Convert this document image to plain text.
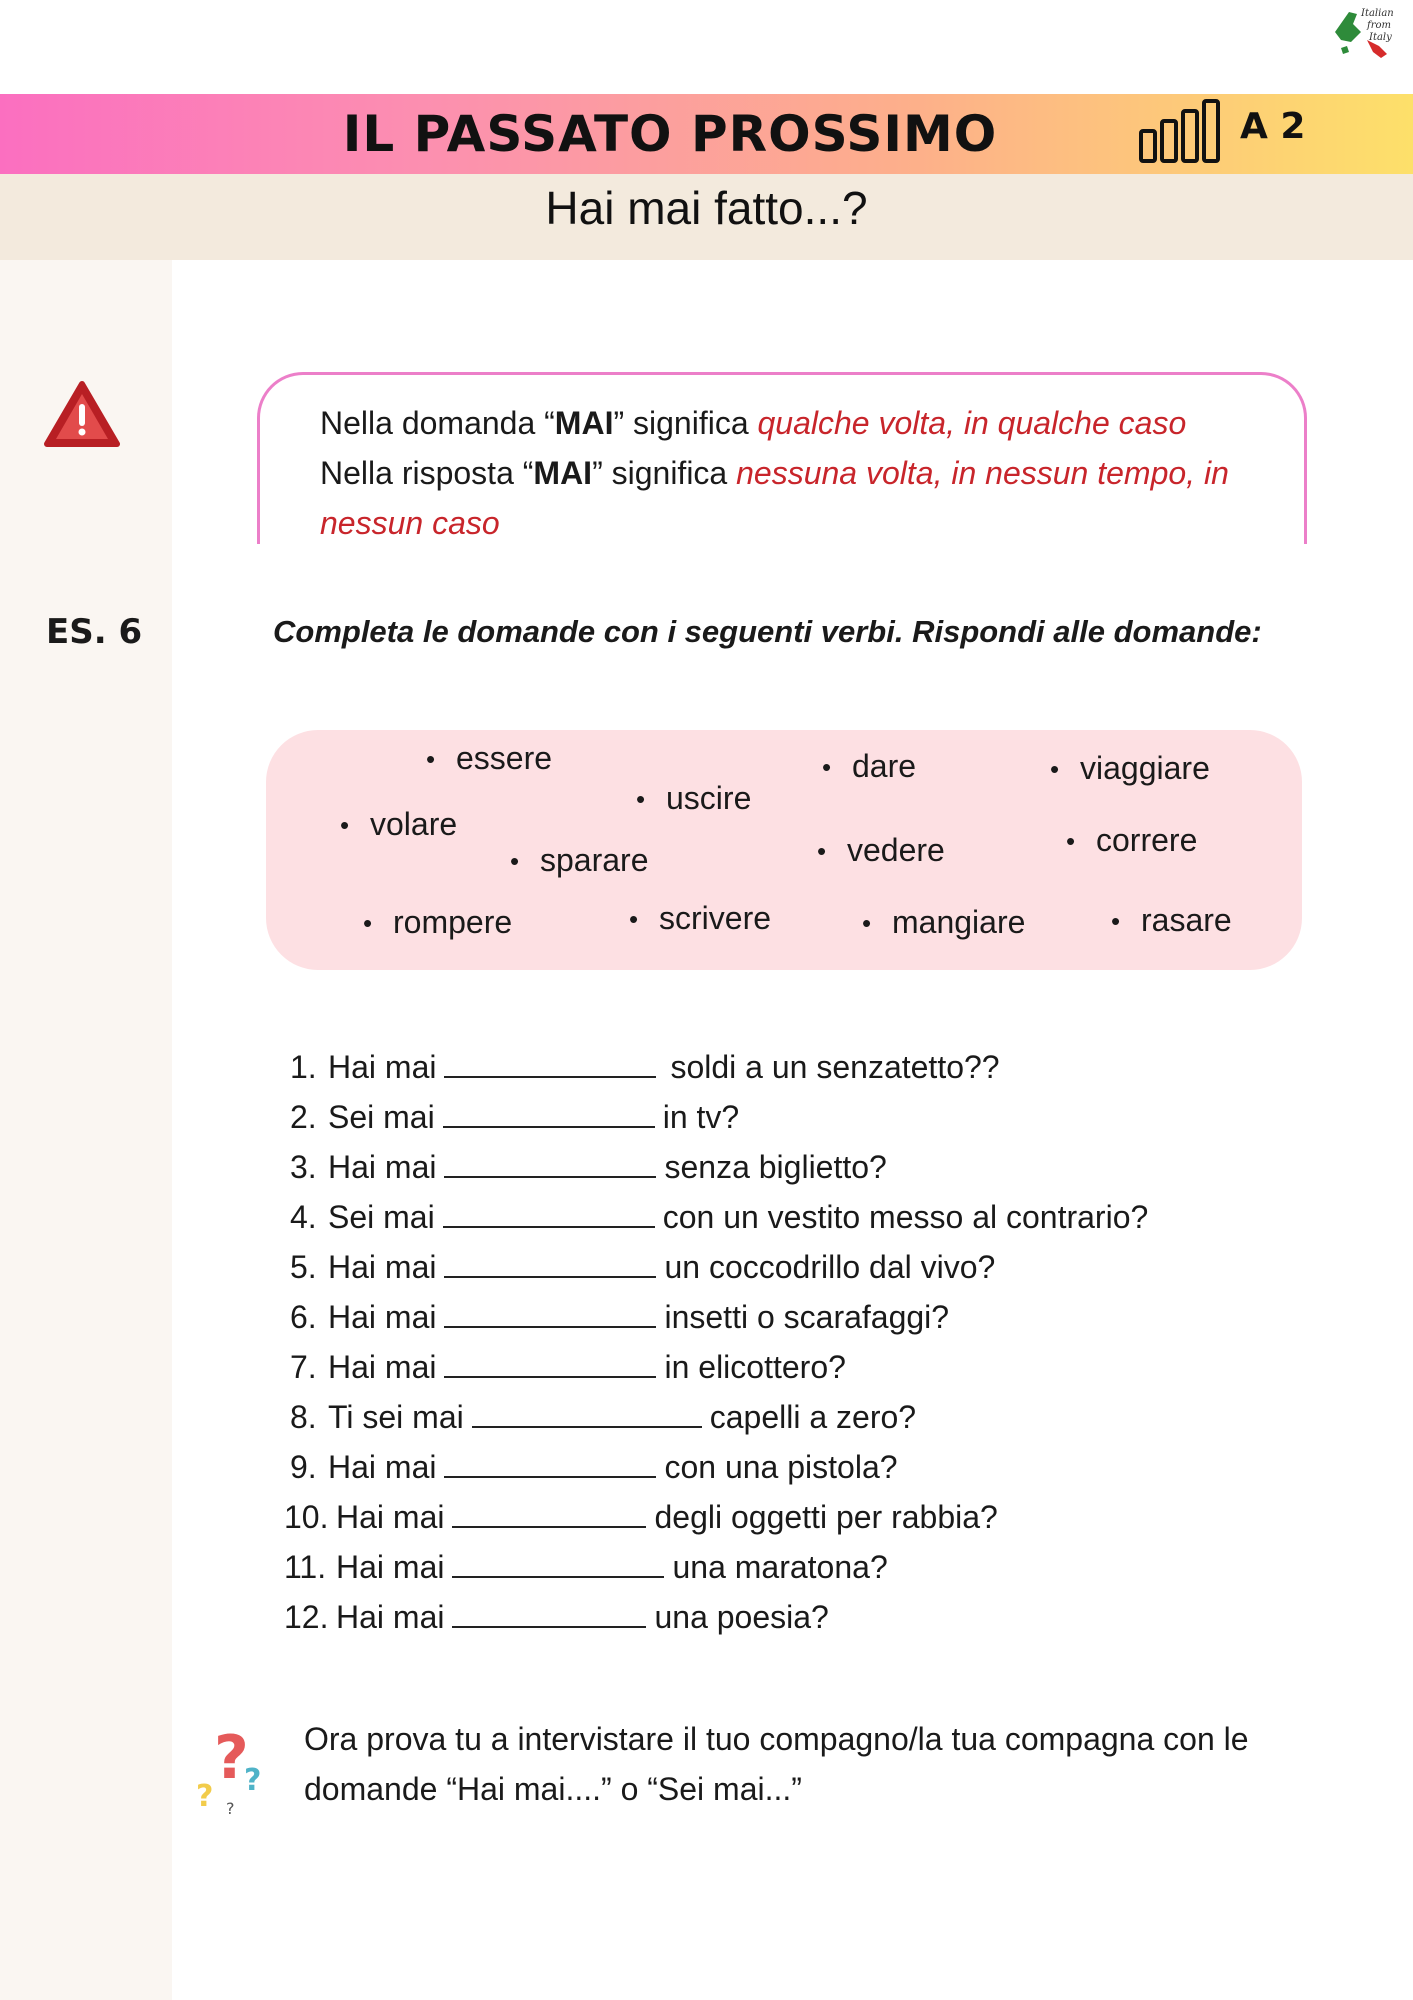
Italian
from
Italy
IL PASSATO PROSSIMO	A 2
Hai mai fatto...?
Nella domanda “MAI” significa qualche volta, in qualche caso
Nella risposta “MAI” significa nessuna volta, in nessun tempo, in nessun caso
ES. 6	Completa le domande con i seguenti verbi. Rispondi alle domande:
• essere
• uscire
• dare	• viaggiare
• volare
• sparare	• vedere	• correre
• rompere	• scrivere	• mangiare	• rasare
1. Hai mai	soldi a un senzatetto??
2. Sei mai	in tv?
3. Hai mai	senza biglietto?
4. Sei mai	con un vestito messo al contrario?
5. Hai mai	un coccodrillo dal vivo?
6. Hai mai	insetti o scarafaggi?
7. Hai mai	in elicottero?
8. Ti sei mai	capelli a zero?
9. Hai mai	con una pistola?
10. Hai mai	degli oggetti per rabbia?
11. Hai mai	una maratona?
12. Hai mai	una poesia?
?
? ?
?
Ora prova tu a intervistare il tuo compagno/la tua compagna con le
domande “Hai mai....” o “Sei mai...”
